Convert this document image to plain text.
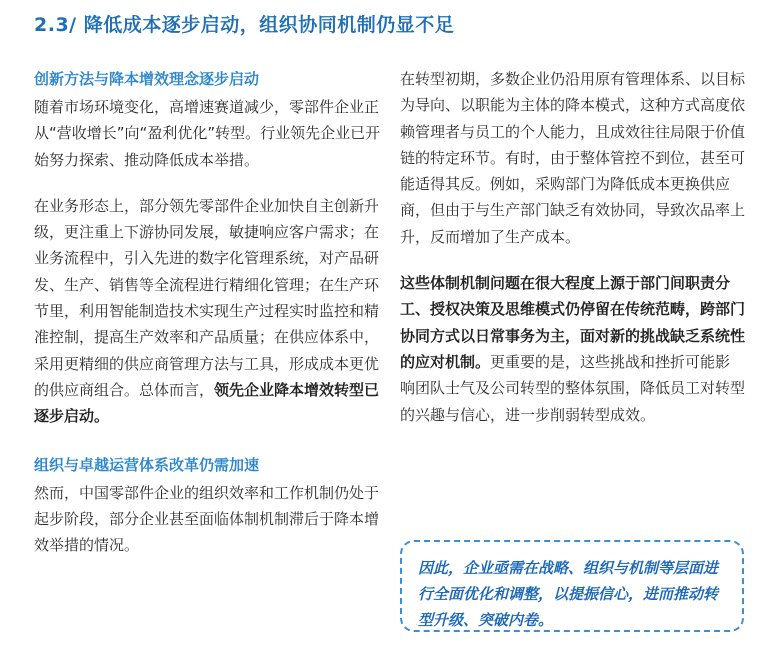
2.3/ 降低成本逐步启动，组织协同机制仍显不足

创新方法与降本增效理念逐步启动

随着市场环境变化，高增速赛道减少，零部件企业正从“营收增长”向“盈利优化”转型。行业领先企业已开始努力探索、推动降低成本举措。

在业务形态上，部分领先零部件企业加快自主创新升级，更注重上下游协同发展，敏捷响应客户需求；在业务流程中，引入先进的数字化管理系统，对产品研发、生产、销售等全流程进行精细化管理；在生产环节里，利用智能制造技术实现生产过程实时监控和精准控制，提高生产效率和产品质量；在供应体系中，采用更精细的供应商管理方法与工具，形成成本更优的供应商组合。总体而言，领先企业降本增效转型已逐步启动。

组织与卓越运营体系改革仍需加速

然而，中国零部件企业的组织效率和工作机制仍处于起步阶段，部分企业甚至面临体制机制滞后于降本增效举措的情况。

在转型初期，多数企业仍沿用原有管理体系、以目标为导向、以职能为主体的降本模式，这种方式高度依赖管理者与员工的个人能力，且成效往往局限于价值链的特定环节。有时，由于整体管控不到位，甚至可能适得其反。例如，采购部门为降低成本更换供应商，但由于与生产部门缺乏有效协同，导致次品率上升，反而增加了生产成本。

这些体制机制问题在很大程度上源于部门间职责分工、授权决策及思维模式仍停留在传统范畴，跨部门协同方式以日常事务为主，面对新的挑战缺乏系统性的应对机制。更重要的是，这些挑战和挫折可能影响团队士气及公司转型的整体氛围，降低员工对转型的兴趣与信心，进一步削弱转型成效。

因此，企业亟需在战略、组织与机制等层面进行全面优化和调整，以提振信心，进而推动转型升级、突破内卷。
